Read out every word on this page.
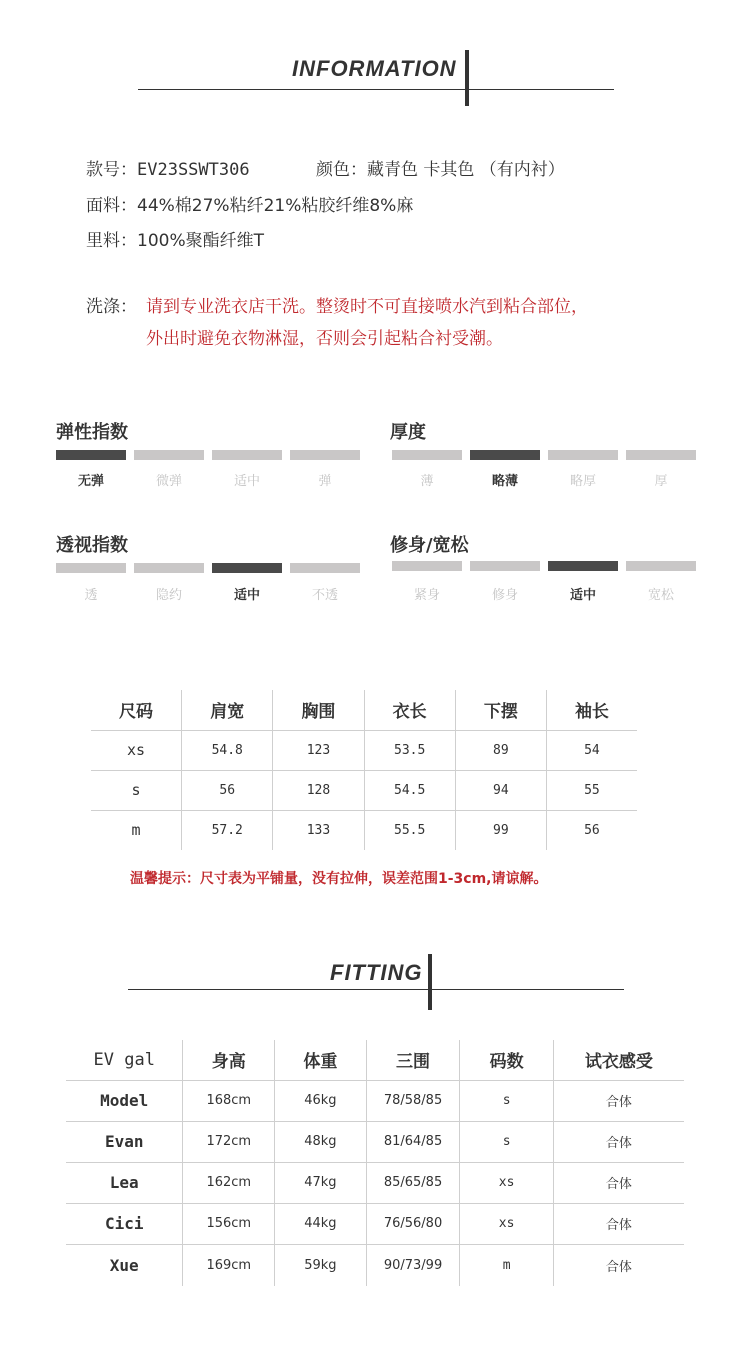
INFORMATION
款号：EV23SSWT306	颜色：藏青色 卡其色 （有内衬）
面料：44%棉27%粘纤21%粘胶纤维8%麻
里料：100%聚酯纤维T
洗涤： 请到专业洗衣店干洗。整烫时不可直接喷水汽到粘合部位，
外出时避免衣物淋湿，否则会引起粘合衬受潮。
弹性指数
无弹	微弹	适中	弹
厚度
薄	略薄	略厚	厚
透视指数
透	隐约	适中	不透
修身/宽松
紧身	修身	适中	宽松
尺码	肩宽	胸围	衣长	下摆	袖长
xs	54.8	123	53.5	89	54
s	56	128	54.5	94	55
m	57.2	133	55.5	99	56
温馨提示：尺寸表为平铺量，没有拉伸，误差范围1-3cm,请谅解。
FITTING
EV gal	身高	体重	三围	码数	试衣感受
Model	168cm	46kg	78/58/85	s	合体
Evan	172cm	48kg	81/64/85	s	合体
Lea	162cm	47kg	85/65/85	xs	合体
Cici	156cm	44kg	76/56/80	xs	合体
Xue	169cm	59kg	90/73/99	m	合体
